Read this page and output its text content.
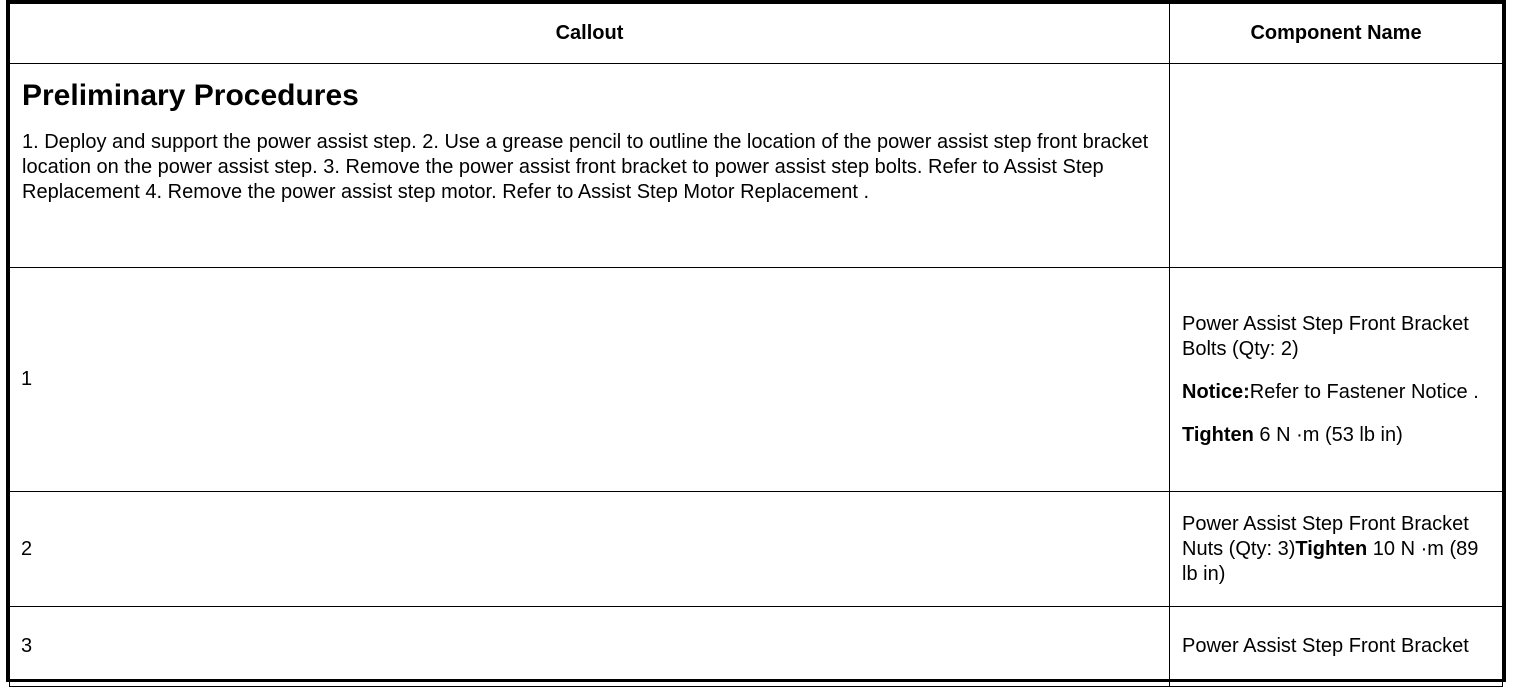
Callout	Component Name

Preliminary Procedures
1. Deploy and support the power assist step. 2. Use a grease pencil to outline the location of the power assist step front bracket location on the power assist step. 3. Remove the power assist front bracket to power assist step bolts. Refer to Assist Step Replacement 4. Remove the power assist step motor. Refer to Assist Step Motor Replacement .	

1	Power Assist Step Front Bracket Bolts (Qty: 2)
Notice:Refer to Fastener Notice .
Tighten 6 N ·m (53 lb in)

2	Power Assist Step Front Bracket Nuts (Qty: 3)Tighten 10 N ·m (89 lb in)

3	Power Assist Step Front Bracket
